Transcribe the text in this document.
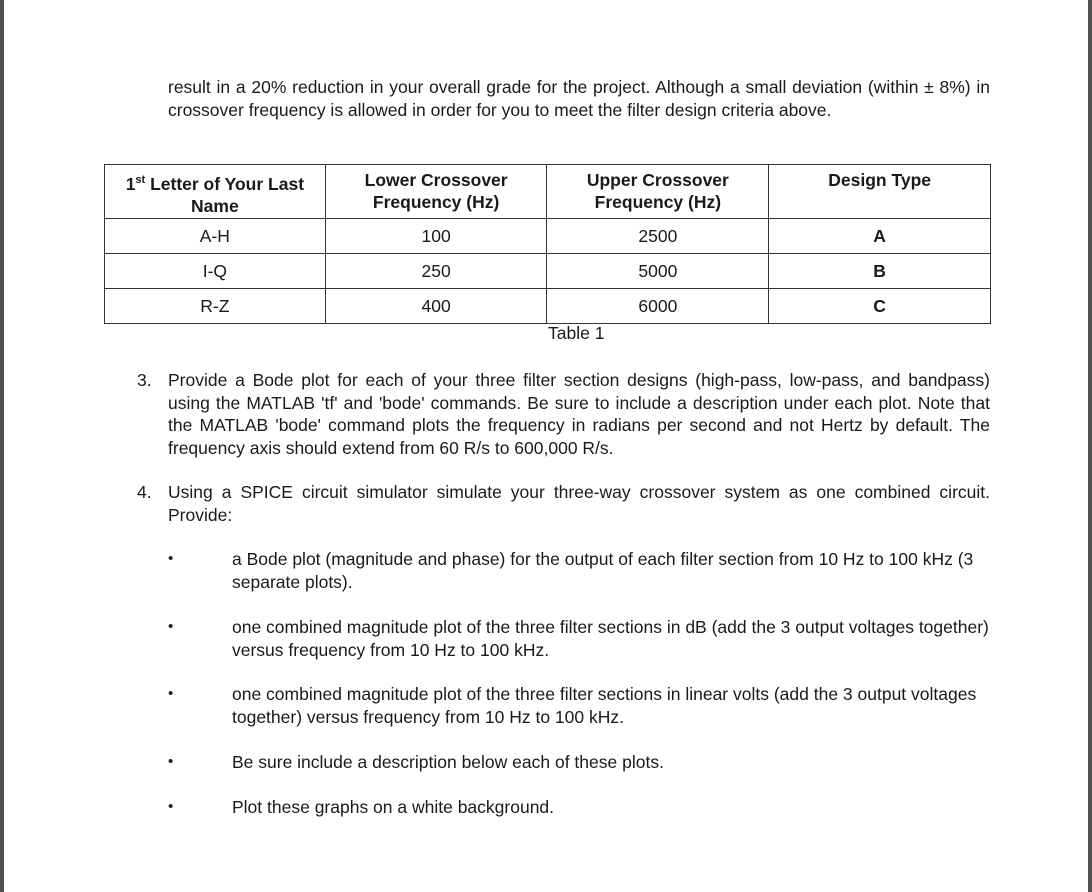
result in a 20% reduction in your overall grade for the project. Although a small deviation (within ± 8%) in crossover frequency is allowed in order for you to meet the filter design criteria above.

1st Letter of Your Last Name	Lower Crossover Frequency (Hz)	Upper Crossover Frequency (Hz)	Design Type
A-H	100	2500	A
I-Q	250	5000	B
R-Z	400	6000	C
Table 1
3. Provide a Bode plot for each of your three filter section designs (high-pass, low-pass, and bandpass) using the MATLAB 'tf' and 'bode' commands. Be sure to include a description under each plot. Note that the MATLAB 'bode' command plots the frequency in radians per second and not Hertz by default. The frequency axis should extend from 60 R/s to 600,000 R/s.

4. Using a SPICE circuit simulator simulate your three-way crossover system as one combined circuit. Provide:

•	a Bode plot (magnitude and phase) for the output of each filter section from 10 Hz to 100 kHz (3 separate plots).

•	one combined magnitude plot of the three filter sections in dB (add the 3 output voltages together) versus frequency from 10 Hz to 100 kHz.

•	one combined magnitude plot of the three filter sections in linear volts (add the 3 output voltages together) versus frequency from 10 Hz to 100 kHz.

•	Be sure include a description below each of these plots.

•	Plot these graphs on a white background.
